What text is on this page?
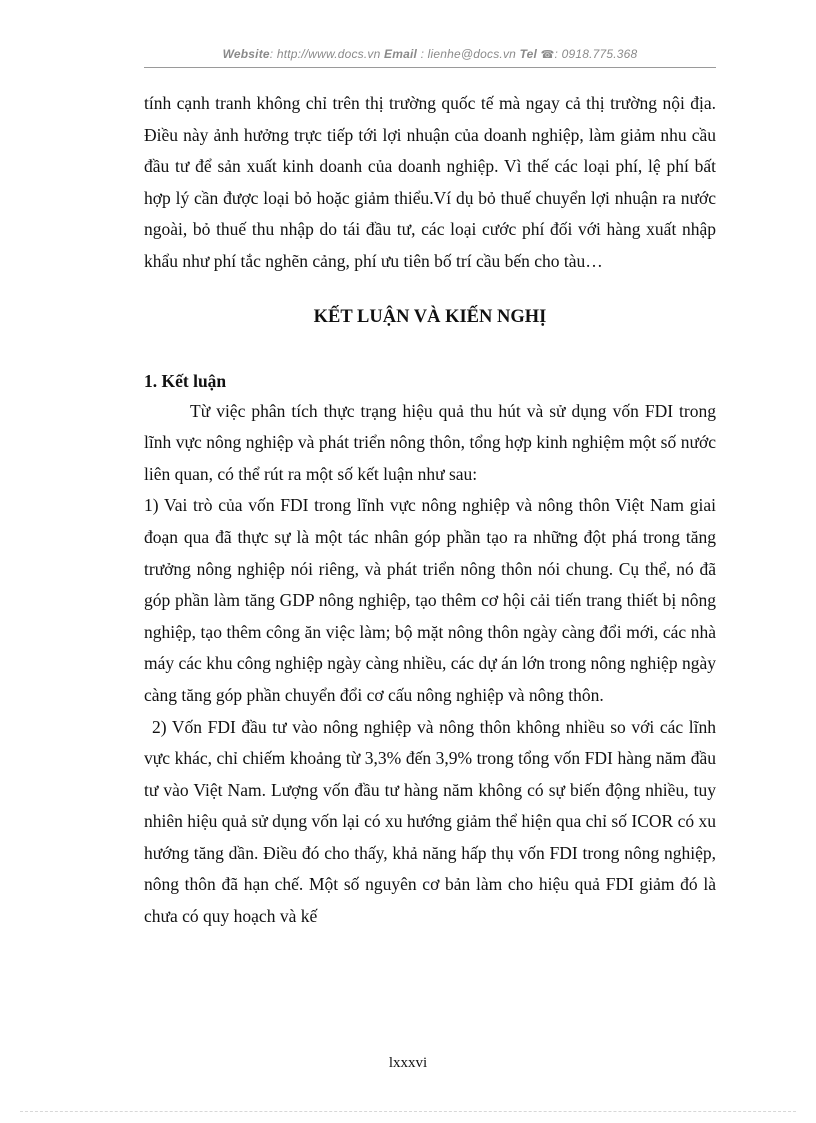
Website: http://www.docs.vn Email : lienhe@docs.vn Tel ☎: 0918.775.368

tính cạnh tranh không chỉ trên thị trường quốc tế mà ngay cả thị trường nội địa. Điều này ảnh hưởng trực tiếp tới lợi nhuận của doanh nghiệp, làm giảm nhu cầu đầu tư để sản xuất kinh doanh của doanh nghiệp. Vì thế các loại phí, lệ phí bất hợp lý cần được loại bỏ hoặc giảm thiểu.Ví dụ bỏ thuế chuyển lợi nhuận ra nước ngoài, bỏ thuế thu nhập do tái đầu tư, các loại cước phí đối với hàng xuất nhập khẩu như phí tắc nghẽn cảng, phí ưu tiên bố trí cầu bến cho tàu…

KẾT LUẬN VÀ KIẾN NGHỊ
1. Kết luận

Từ việc phân tích thực trạng hiệu quả thu hút và sử dụng vốn FDI trong lĩnh vực nông nghiệp và phát triển nông thôn, tổng hợp kinh nghiệm một số nước liên quan, có thể rút ra một số kết luận như sau:

1) Vai trò của vốn FDI trong lĩnh vực nông nghiệp và nông thôn Việt Nam giai đoạn qua đã thực sự là một tác nhân góp phần tạo ra những đột phá trong tăng trưởng nông nghiệp nói riêng, và phát triển nông thôn nói chung. Cụ thể, nó đã góp phần làm tăng GDP nông nghiệp, tạo thêm cơ hội cải tiến trang thiết bị nông nghiệp, tạo thêm công ăn việc làm; bộ mặt nông thôn ngày càng đổi mới, các nhà máy các khu công nghiệp ngày càng nhiều, các dự án lớn trong nông nghiệp ngày càng tăng góp phần chuyển đổi cơ cấu nông nghiệp và nông thôn.

2) Vốn FDI đầu tư vào nông nghiệp và nông thôn không nhiều so với các lĩnh vực khác, chỉ chiếm khoảng từ 3,3% đến 3,9% trong tổng vốn FDI hàng năm đầu tư vào Việt Nam. Lượng vốn đầu tư hàng năm không có sự biến động nhiều, tuy nhiên hiệu quả sử dụng vốn lại có xu hướng giảm thể hiện qua chỉ số ICOR có xu hướng tăng dần. Điều đó cho thấy, khả năng hấp thụ vốn FDI trong nông nghiệp, nông thôn đã hạn chế. Một số nguyên cơ bản làm cho hiệu quả FDI giảm đó là chưa có quy hoạch và kế

lxxxvi
